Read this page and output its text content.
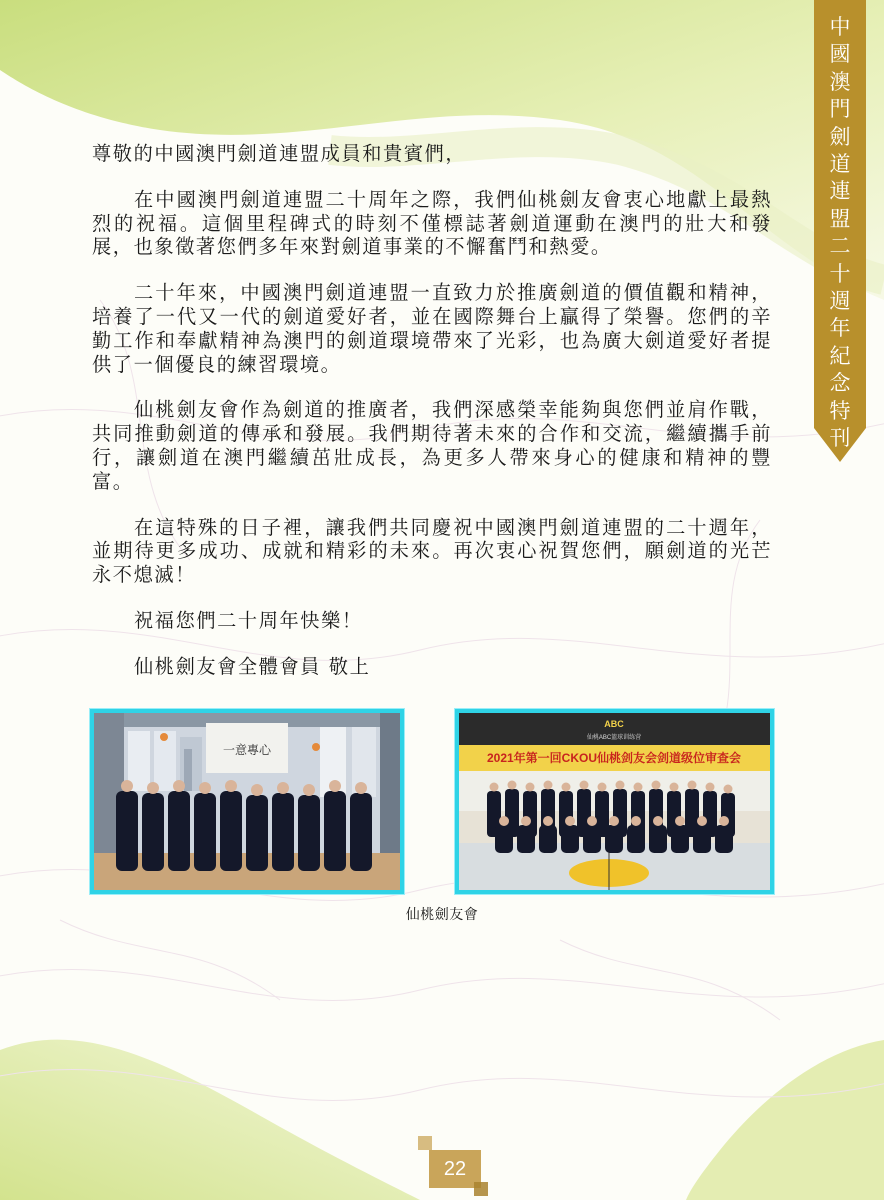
中
國
澳
門
劍
道
連
盟
二
十
週
年
紀
念
特
刊

尊敬的中國澳門劍道連盟成員和貴賓們，

在中國澳門劍道連盟二十周年之際，我們仙桃劍友會衷心地獻上最熱烈的祝福。這個里程碑式的時刻不僅標誌著劍道運動在澳門的壯大和發展，也象徵著您們多年來對劍道事業的不懈奮鬥和熱愛。

二十年來，中國澳門劍道連盟一直致力於推廣劍道的價值觀和精神，培養了一代又一代的劍道愛好者，並在國際舞台上贏得了榮譽。您們的辛勤工作和奉獻精神為澳門的劍道環境帶來了光彩，也為廣大劍道愛好者提供了一個優良的練習環境。

仙桃劍友會作為劍道的推廣者，我們深感榮幸能夠與您們並肩作戰，共同推動劍道的傳承和發展。我們期待著未來的合作和交流，繼續攜手前行，讓劍道在澳門繼續茁壯成長，為更多人帶來身心的健康和精神的豐富。

在這特殊的日子裡，讓我們共同慶祝中國澳門劍道連盟的二十週年，並期待更多成功、成就和精彩的未來。再次衷心祝賀您們，願劍道的光芒永不熄滅！

祝福您們二十周年快樂！

仙桃劍友會全體會員 敬上

一意專心
ABC
仙桃ABC篮球训练营
2021年第一回CKOU仙桃剑友会剑道级位审查会
仙桃劍友會
22
